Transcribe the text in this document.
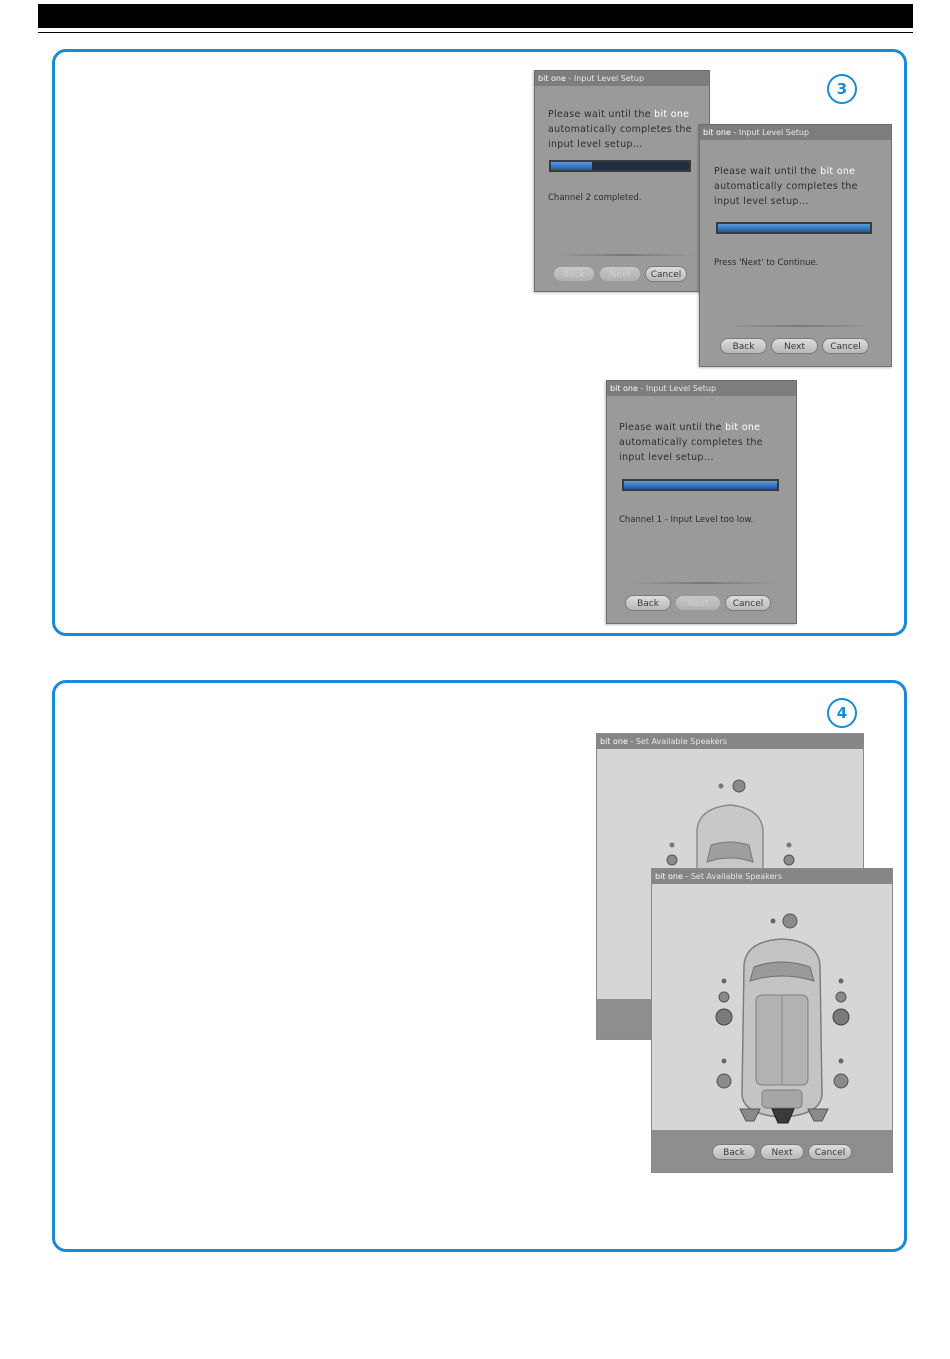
3
bit one - Input Level Setup
Please wait until the bit one automatically completes the input level setup...
Channel 2 completed.
Back	Next	Cancel
bit one - Input Level Setup
Please wait until the bit one automatically completes the input level setup...
Press 'Next' to Continue.
Back	Next	Cancel
bit one - Input Level Setup
Please wait until the bit one automatically completes the input level setup...
Channel 1 - Input Level too low.
Back	Next	Cancel
4
bit one - Set Available Speakers
bit one - Set Available Speakers
Back	Next	Cancel
